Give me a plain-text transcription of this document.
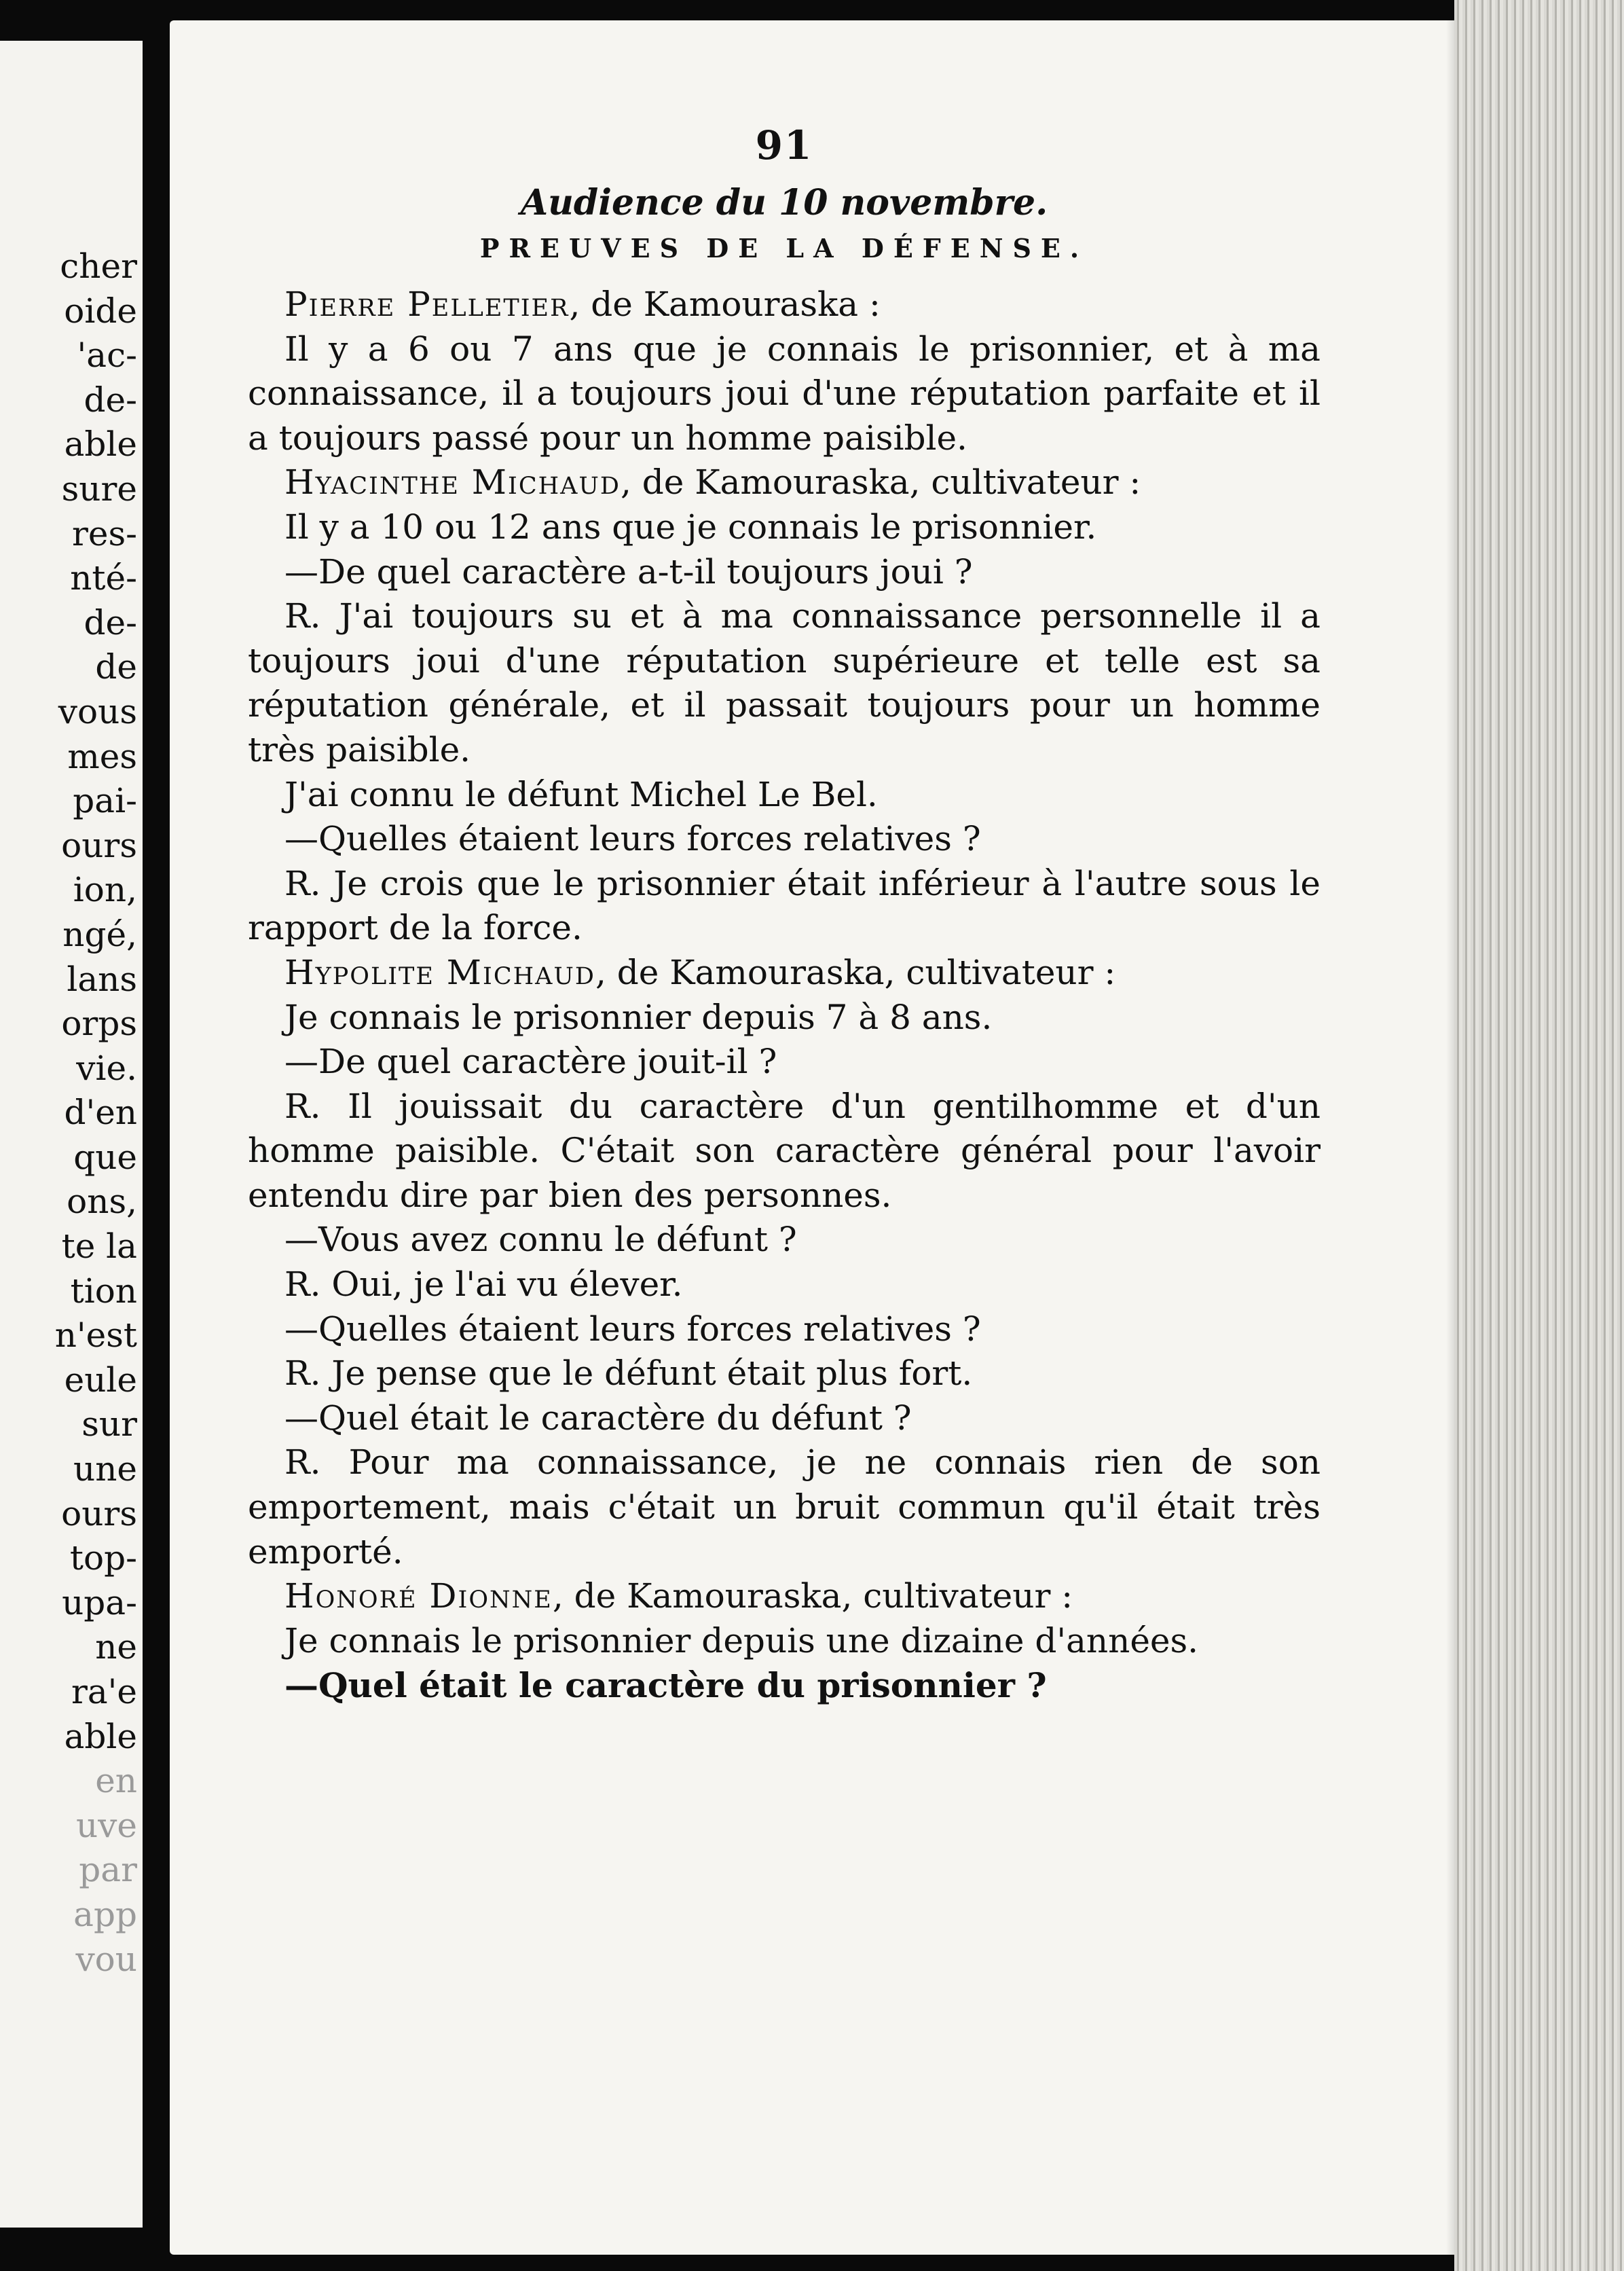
cher
oide
'ac-
de-
able
sure
res-
nté-
de-
de
vous
mes
pai-
ours
ion,
ngé,
lans
orps
vie.
d'en
que
ons,
te la
tion
n'est
eule
sur
une
ours
top-
upa-
ne
ra'e
able
en
uve
par
app
vou
91
Audience du 10 novembre.
PREUVES DE LA DÉFENSE.

Pierre Pelletier, de Kamouraska :

Il y a 6 ou 7 ans que je connais le prisonnier, et à ma connaissance, il a toujours joui d'une réputation parfaite et il a toujours passé pour un homme paisible.

Hyacinthe Michaud, de Kamouraska, cultivateur :

Il y a 10 ou 12 ans que je connais le prisonnier.

—De quel caractère a-t-il toujours joui ?

R. J'ai toujours su et à ma connaissance personnelle il a toujours joui d'une réputation supérieure et telle est sa réputation générale, et il passait toujours pour un homme très paisible.

J'ai connu le défunt Michel Le Bel.

—Quelles étaient leurs forces relatives ?

R. Je crois que le prisonnier était inférieur à l'autre sous le rapport de la force.

Hypolite Michaud, de Kamouraska, cultivateur :

Je connais le prisonnier depuis 7 à 8 ans.

—De quel caractère jouit-il ?

R. Il jouissait du caractère d'un gentilhomme et d'un homme paisible. C'était son caractère général pour l'avoir entendu dire par bien des personnes.

—Vous avez connu le défunt ?

R. Oui, je l'ai vu élever.

—Quelles étaient leurs forces relatives ?

R. Je pense que le défunt était plus fort.

—Quel était le caractère du défunt ?

R. Pour ma connaissance, je ne connais rien de son emportement, mais c'était un bruit commun qu'il était très emporté.

Honoré Dionne, de Kamouraska, cultivateur :

Je connais le prisonnier depuis une dizaine d'années.

—Quel était le caractère du prisonnier ?
